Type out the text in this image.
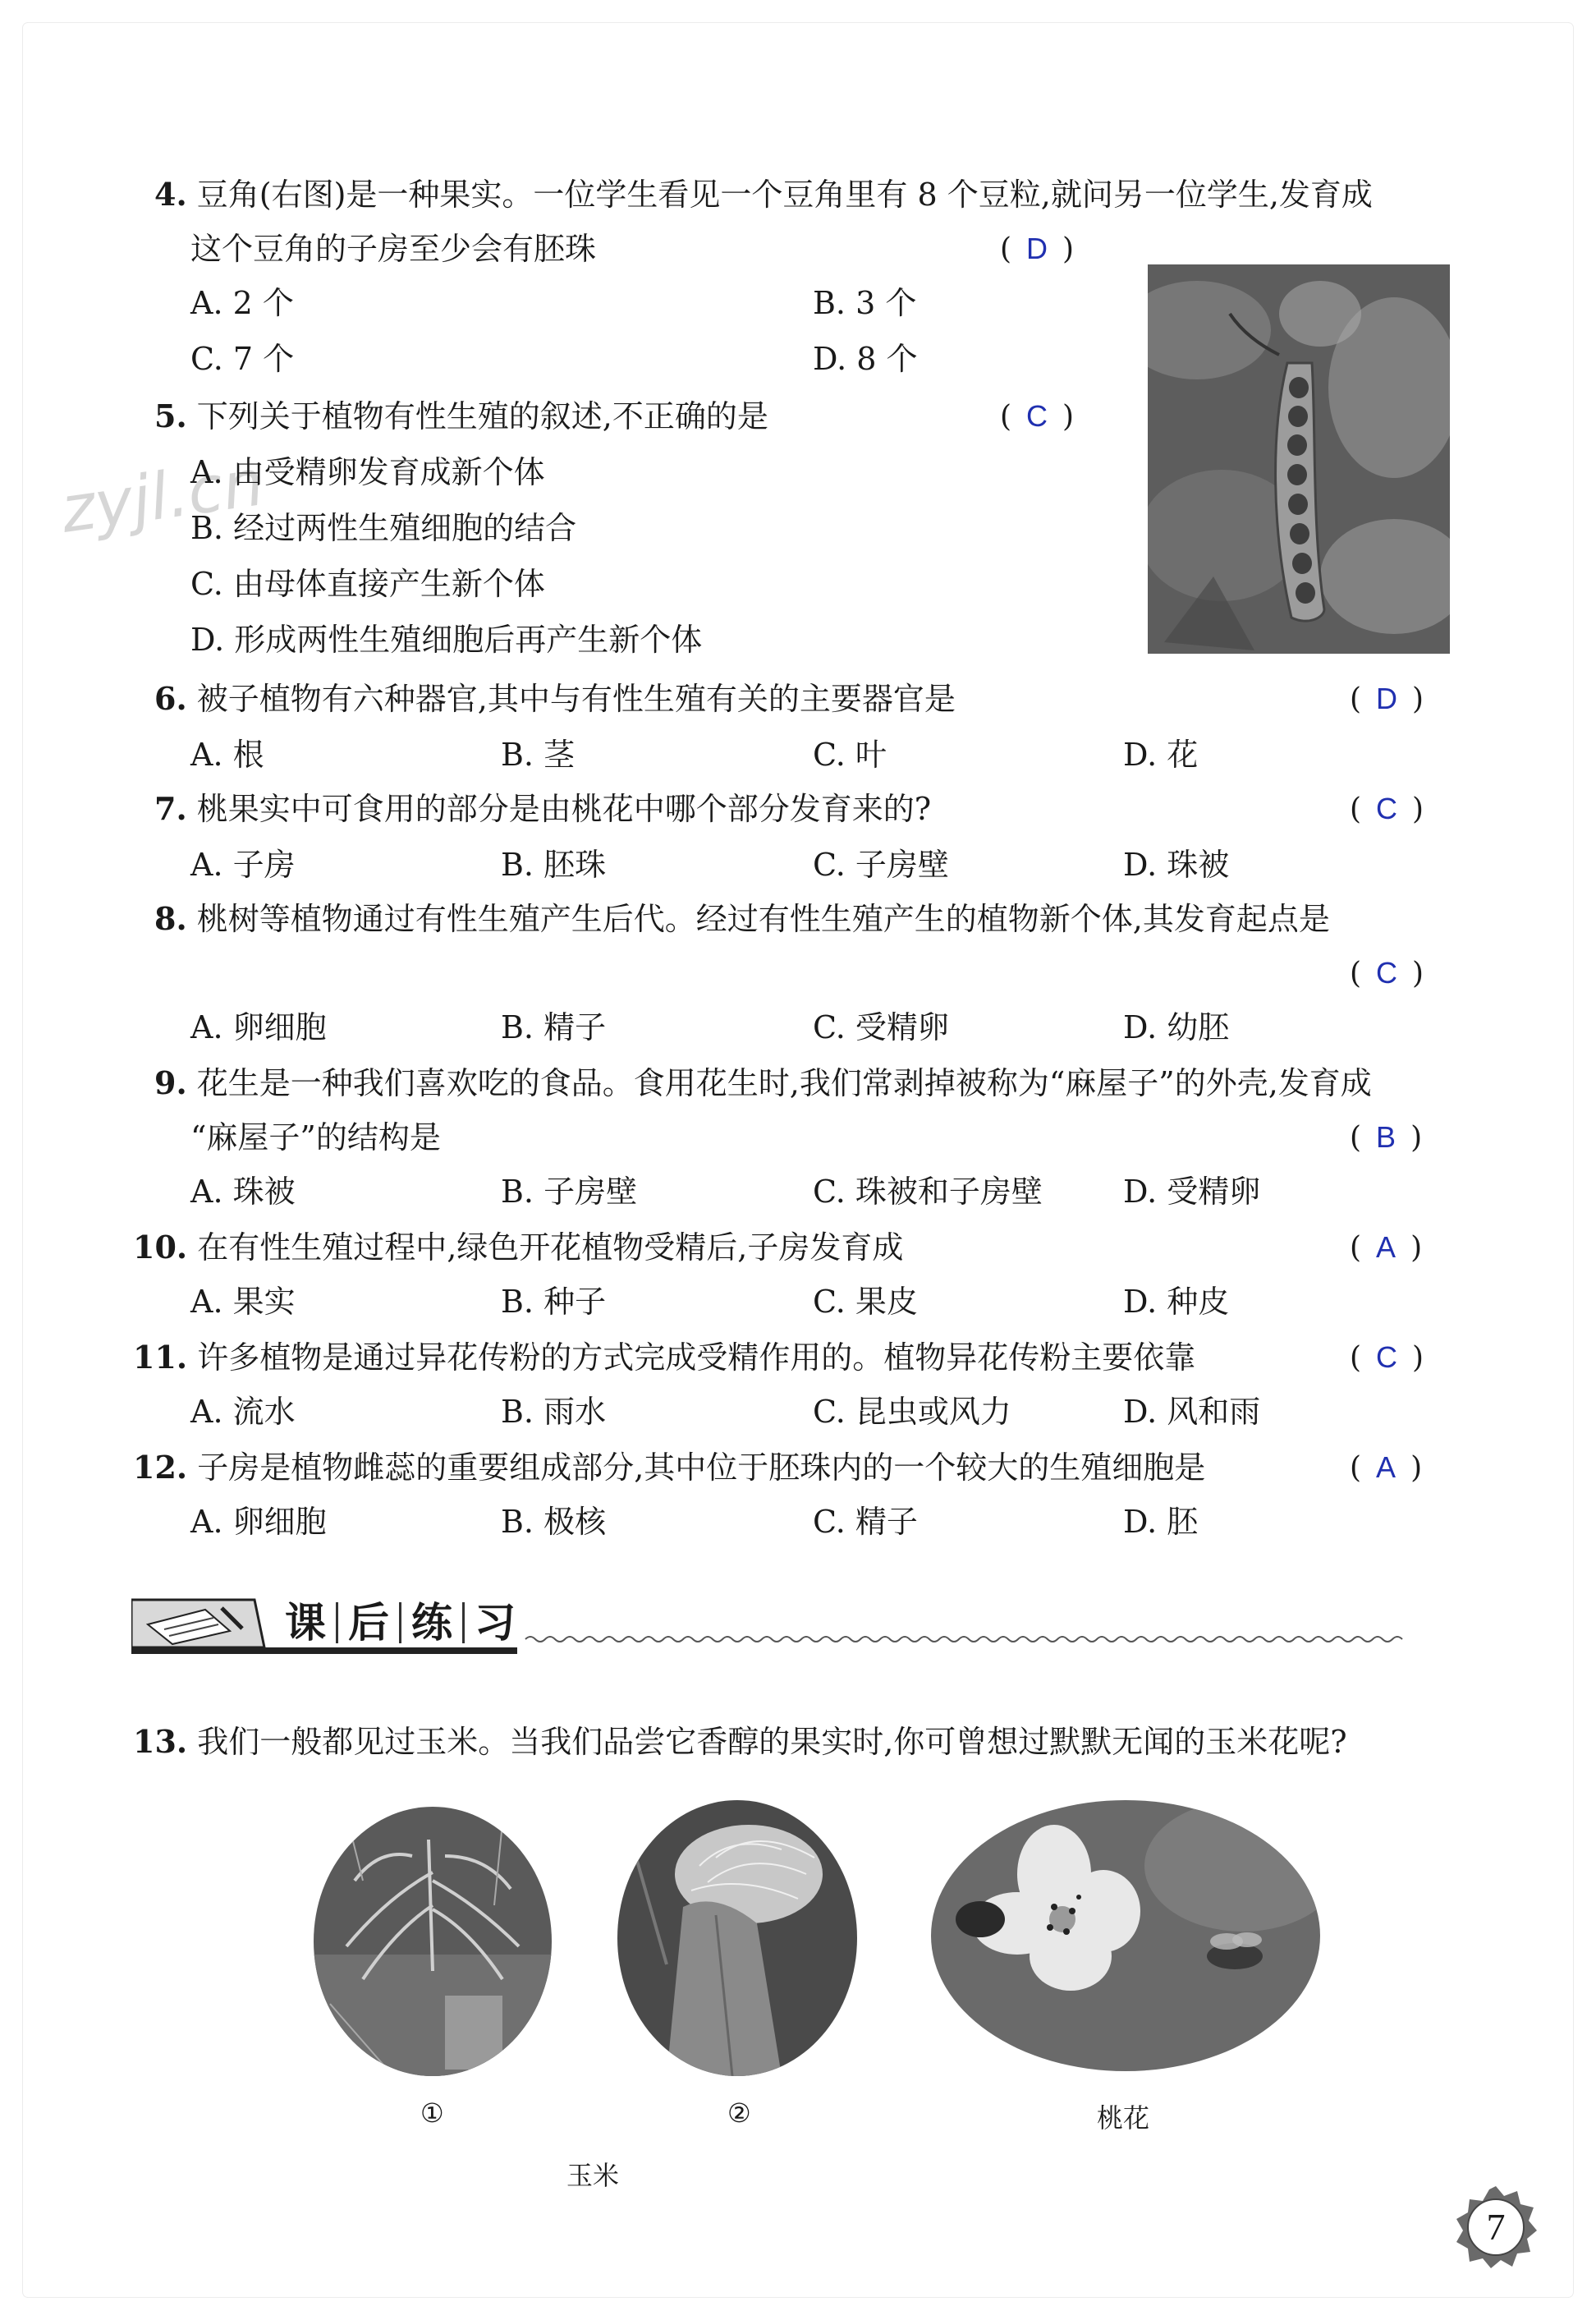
zyjl.cn
4. 豆角(右图)是一种果实。一位学生看见一个豆角里有 8 个豆粒,就问另一位学生,发育成
这个豆角的子房至少会有胚珠	( D )
A. 2 个	B. 3 个
C. 7 个	D. 8 个
5. 下列关于植物有性生殖的叙述,不正确的是	( C )
A. 由受精卵发育成新个体
B. 经过两性生殖细胞的结合
C. 由母体直接产生新个体
D. 形成两性生殖细胞后再产生新个体
6. 被子植物有六种器官,其中与有性生殖有关的主要器官是	( D )
A. 根	B. 茎	C. 叶	D. 花
7. 桃果实中可食用的部分是由桃花中哪个部分发育来的?	( C )
A. 子房	B. 胚珠	C. 子房壁	D. 珠被
8. 桃树等植物通过有性生殖产生后代。经过有性生殖产生的植物新个体,其发育起点是
( C )
A. 卵细胞	B. 精子	C. 受精卵	D. 幼胚
9. 花生是一种我们喜欢吃的食品。食用花生时,我们常剥掉被称为“麻屋子”的外壳,发育成
“麻屋子”的结构是	( B )
A. 珠被	B. 子房壁	C. 珠被和子房壁	D. 受精卵
10. 在有性生殖过程中,绿色开花植物受精后,子房发育成	( A )
A. 果实	B. 种子	C. 果皮	D. 种皮
11. 许多植物是通过异花传粉的方式完成受精作用的。植物异花传粉主要依靠	( C )
A. 流水	B. 雨水	C. 昆虫或风力	D. 风和雨
12. 子房是植物雌蕊的重要组成部分,其中位于胚珠内的一个较大的生殖细胞是	( A )
A. 卵细胞	B. 极核	C. 精子	D. 胚
课 后 练 习
13. 我们一般都见过玉米。当我们品尝它香醇的果实时,你可曾想过默默无闻的玉米花呢?
①	②	桃花
玉米
7
